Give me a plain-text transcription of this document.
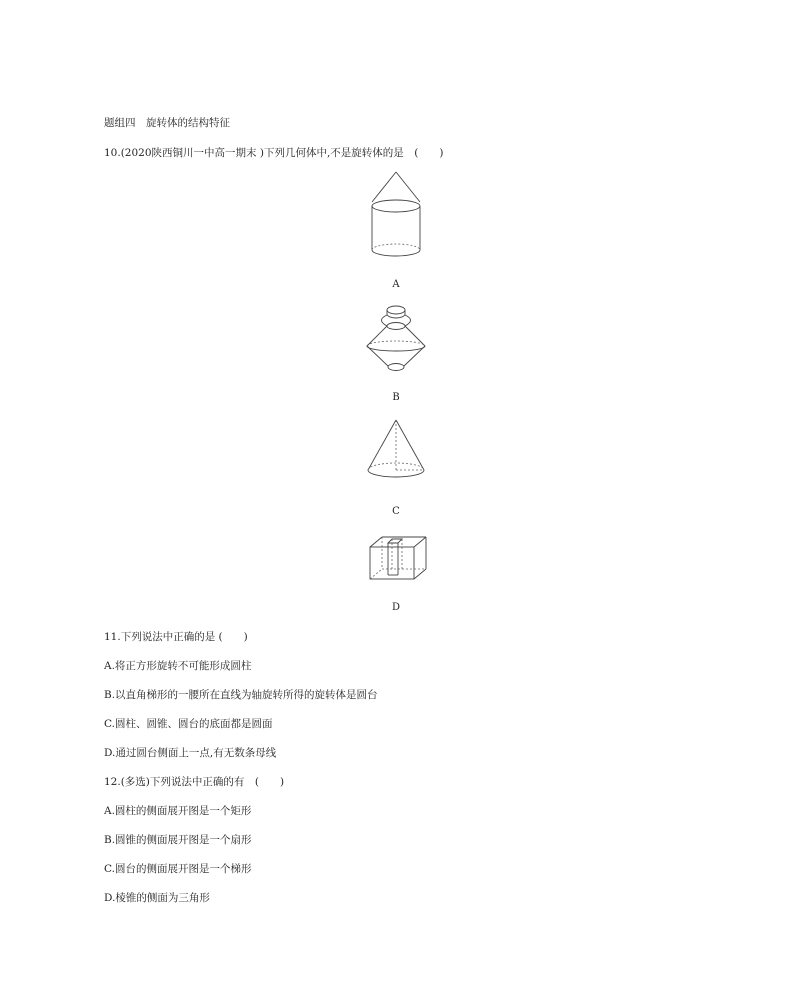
题组四　旋转体的结构特征
10.(2020陕西铜川一中高一期末 )下列几何体中,不是旋转体的是　(　　)
A
B
C
D
11.下列说法中正确的是 (　　)
A.将正方形旋转不可能形成圆柱
B.以直角梯形的一腰所在直线为轴旋转所得的旋转体是圆台
C.圆柱、圆锥、圆台的底面都是圆面
D.通过圆台侧面上一点,有无数条母线
12.(多选)下列说法中正确的有　(　　)
A.圆柱的侧面展开图是一个矩形
B.圆锥的侧面展开图是一个扇形
C.圆台的侧面展开图是一个梯形
D.棱锥的侧面为三角形
